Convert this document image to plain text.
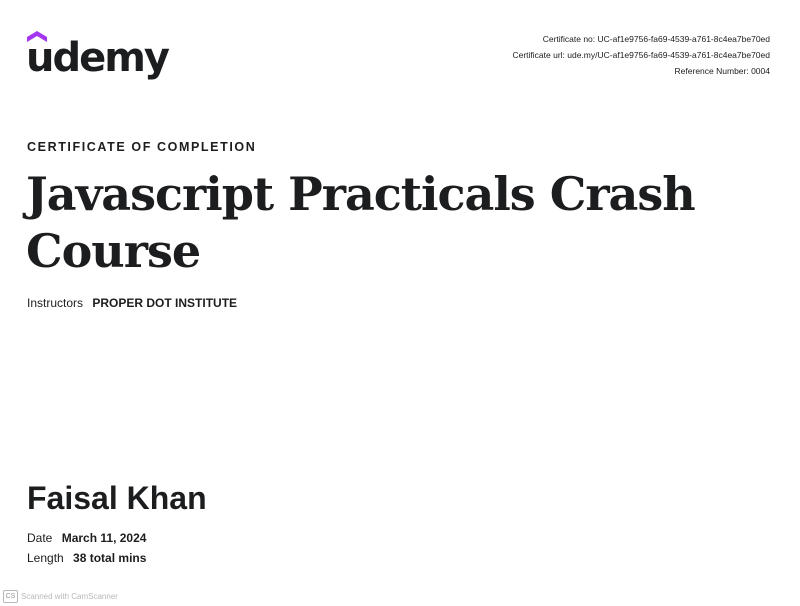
udemy	Certificate no: UC-af1e9756-fa69-4539-a761-8c4ea7be70ed
Certificate url: ude.my/UC-af1e9756-fa69-4539-a761-8c4ea7be70ed
Reference Number: 0004
CERTIFICATE OF COMPLETION
Javascript Practicals Crash Course
Instructors PROPER DOT INSTITUTE
Faisal Khan
Date March 11, 2024
Length 38 total mins
CS Scanned with CamScanner
